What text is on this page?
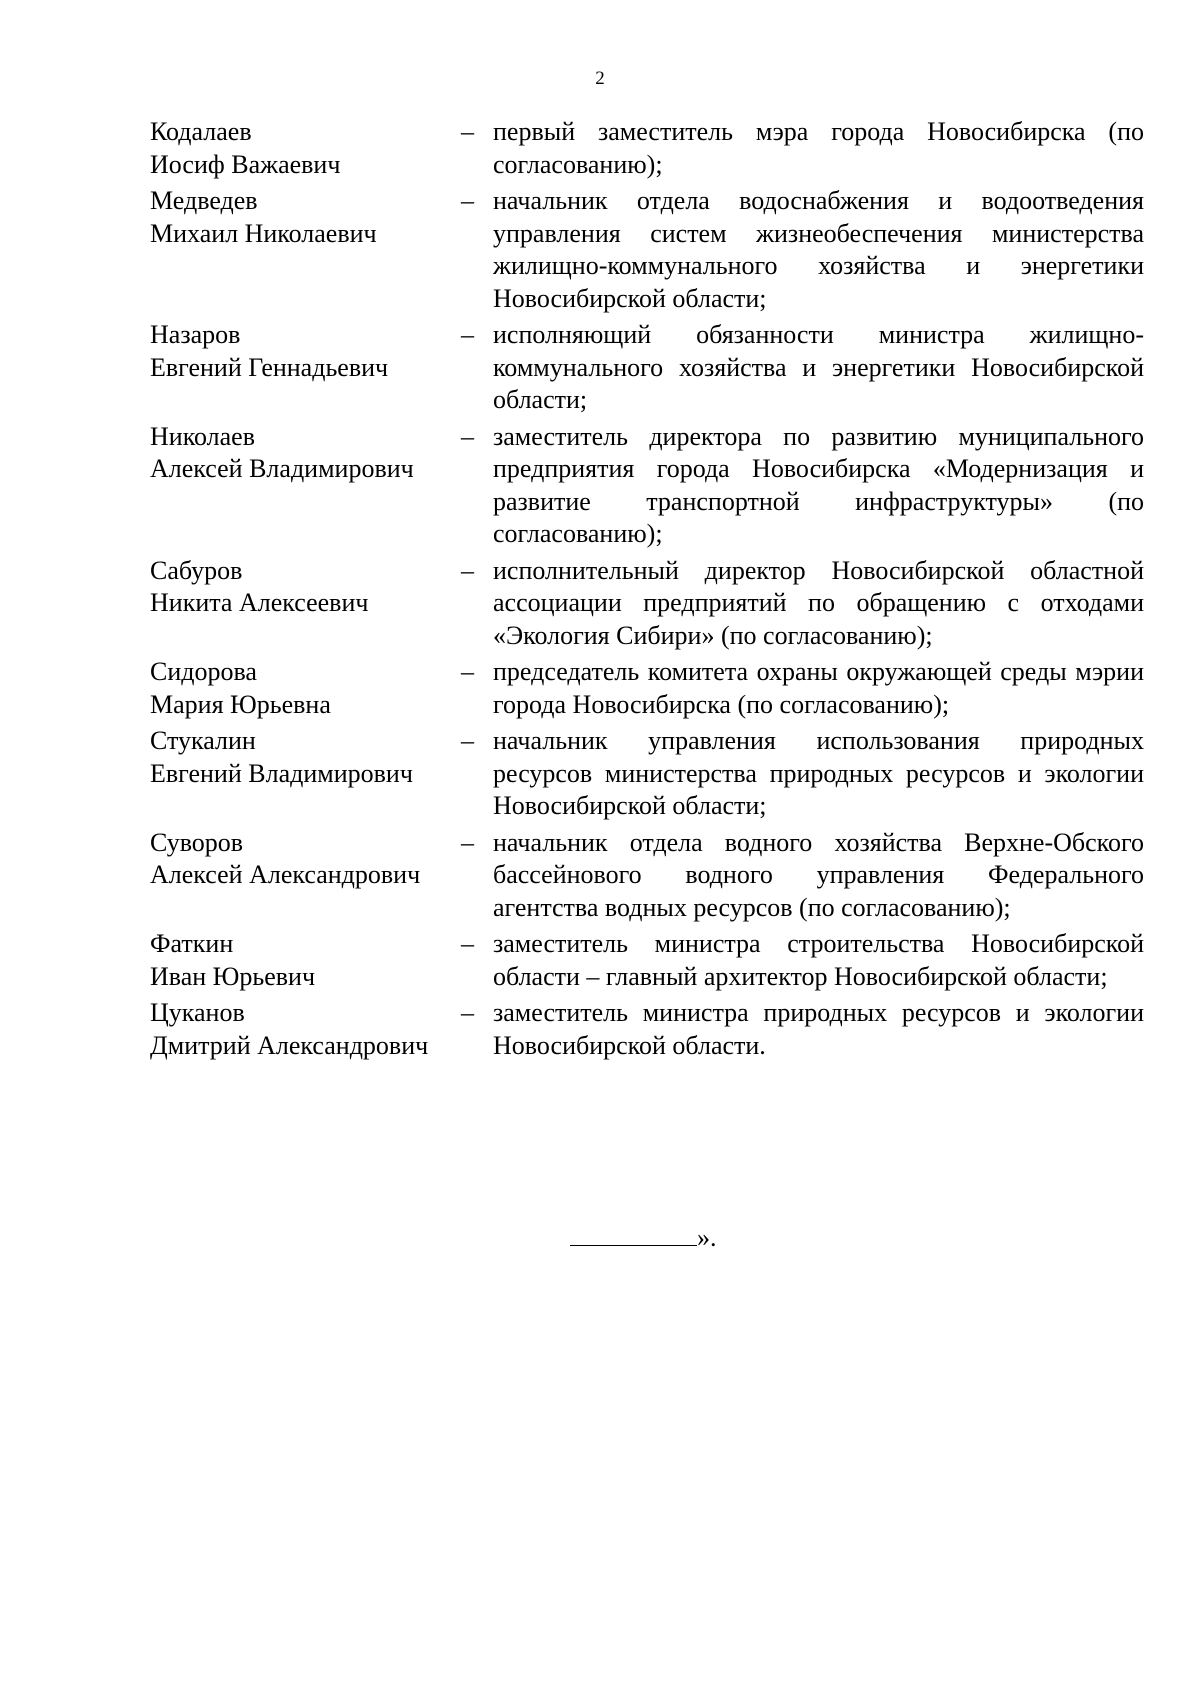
2
Кодалаев
Иосиф Важаевич
– первый заместитель мэра города Новосибирска (по согласованию);
Медведев
Михаил Николаевич
– начальник отдела водоснабжения и водоотведения управления систем жизнеобеспечения министерства жилищно-коммунального хозяйства и энергетики Новосибирской области;
Назаров
Евгений Геннадьевич
– исполняющий обязанности министра жилищно- коммунального хозяйства и энергетики Новосибирской области;
Николаев
Алексей Владимирович
– заместитель директора по развитию муниципального предприятия города Новосибирска «Модернизация и развитие транспортной инфраструктуры» (по согласованию);
Сабуров
Никита Алексеевич
– исполнительный директор Новосибирской областной ассоциации предприятий по обращению с отходами «Экология Сибири» (по согласованию);
Сидорова
Мария Юрьевна
– председатель комитета охраны окружающей среды мэрии города Новосибирска (по согласованию);
Стукалин
Евгений Владимирович
– начальник управления использования природных ресурсов министерства природных ресурсов и экологии Новосибирской области;
Суворов
Алексей Александрович
– начальник отдела водного хозяйства Верхне-Обского бассейнового водного управления Федерального агентства водных ресурсов (по согласованию);
Фаткин
Иван Юрьевич
– заместитель министра строительства Новосибирской области – главный архитектор Новосибирской области;
Цуканов
Дмитрий Александрович
– заместитель министра природных ресурсов и экологии Новосибирской области.
».
